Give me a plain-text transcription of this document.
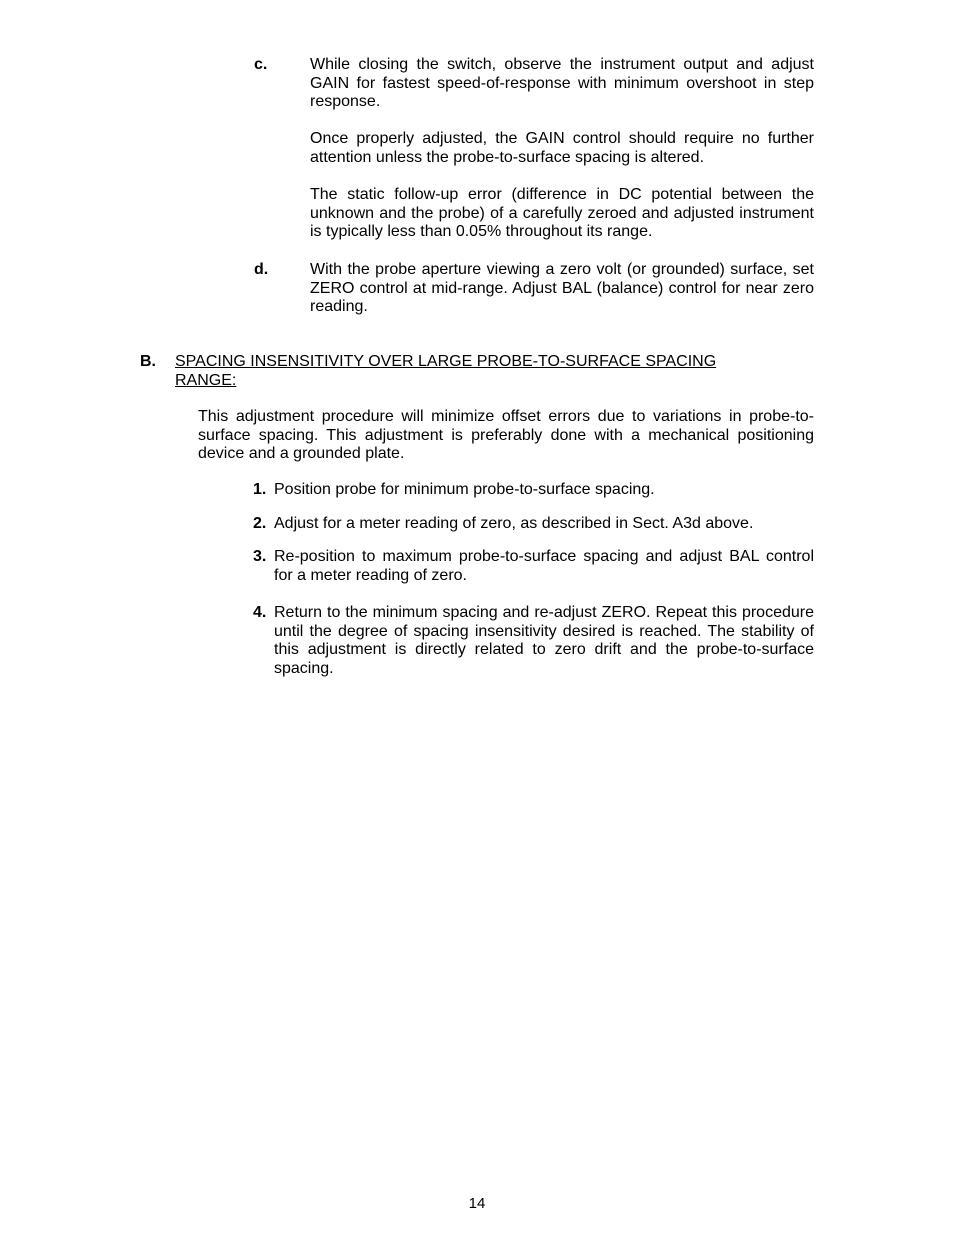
c.	While closing the switch, observe the instrument output and adjust GAIN for fastest speed-of-response with minimum overshoot in step response.

Once properly adjusted, the GAIN control should require no further attention unless the probe-to-surface spacing is altered.

The static follow-up error (difference in DC potential between the unknown and the probe) of a carefully zeroed and adjusted instrument is typically less than 0.05% throughout its range.

d.	With the probe aperture viewing a zero volt (or grounded) surface, set ZERO control at mid-range. Adjust BAL (balance) control for near zero reading.

B. SPACING INSENSITIVITY OVER LARGE PROBE-TO-SURFACE SPACING RANGE:

This adjustment procedure will minimize offset errors due to variations in probe-to-surface spacing. This adjustment is preferably done with a mechanical positioning device and a grounded plate.

1. Position probe for minimum probe-to-surface spacing.

2. Adjust for a meter reading of zero, as described in Sect. A3d above.

3. Re-position to maximum probe-to-surface spacing and adjust BAL control for a meter reading of zero.

4. Return to the minimum spacing and re-adjust ZERO. Repeat this procedure until the degree of spacing insensitivity desired is reached. The stability of this adjustment is directly related to zero drift and the probe-to-surface spacing.

14
